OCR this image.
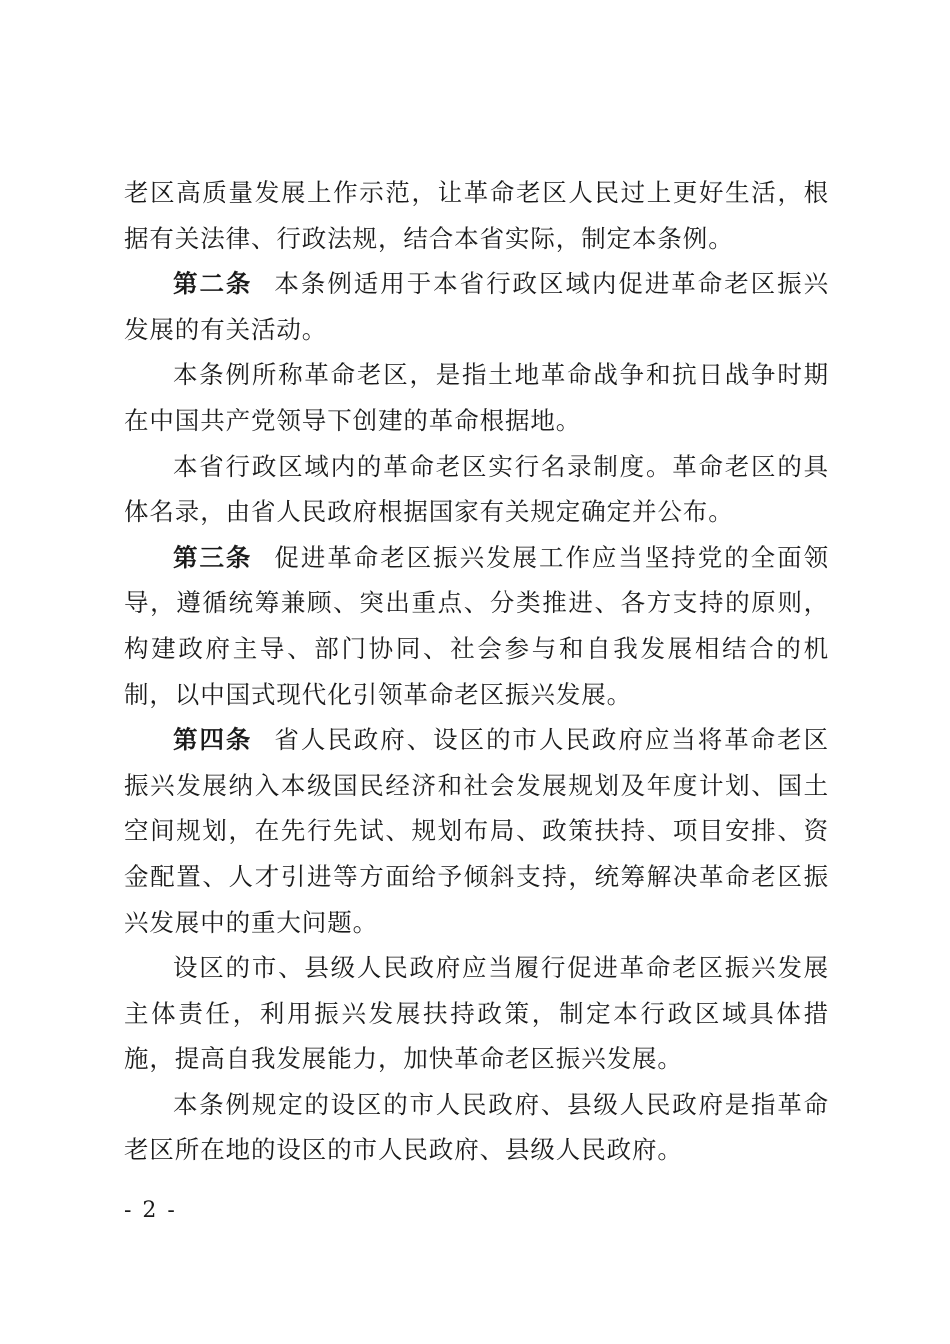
老区高质量发展上作示范，让革命老区人民过上更好生活，根据有关法律、行政法规，结合本省实际，制定本条例。

第二条 本条例适用于本省行政区域内促进革命老区振兴发展的有关活动。

本条例所称革命老区，是指土地革命战争和抗日战争时期在中国共产党领导下创建的革命根据地。

本省行政区域内的革命老区实行名录制度。革命老区的具体名录，由省人民政府根据国家有关规定确定并公布。

第三条 促进革命老区振兴发展工作应当坚持党的全面领导，遵循统筹兼顾、突出重点、分类推进、各方支持的原则，构建政府主导、部门协同、社会参与和自我发展相结合的机制，以中国式现代化引领革命老区振兴发展。

第四条 省人民政府、设区的市人民政府应当将革命老区振兴发展纳入本级国民经济和社会发展规划及年度计划、国土空间规划，在先行先试、规划布局、政策扶持、项目安排、资金配置、人才引进等方面给予倾斜支持，统筹解决革命老区振兴发展中的重大问题。

设区的市、县级人民政府应当履行促进革命老区振兴发展主体责任，利用振兴发展扶持政策，制定本行政区域具体措施，提高自我发展能力，加快革命老区振兴发展。

本条例规定的设区的市人民政府、县级人民政府是指革命老区所在地的设区的市人民政府、县级人民政府。

- 2 -
